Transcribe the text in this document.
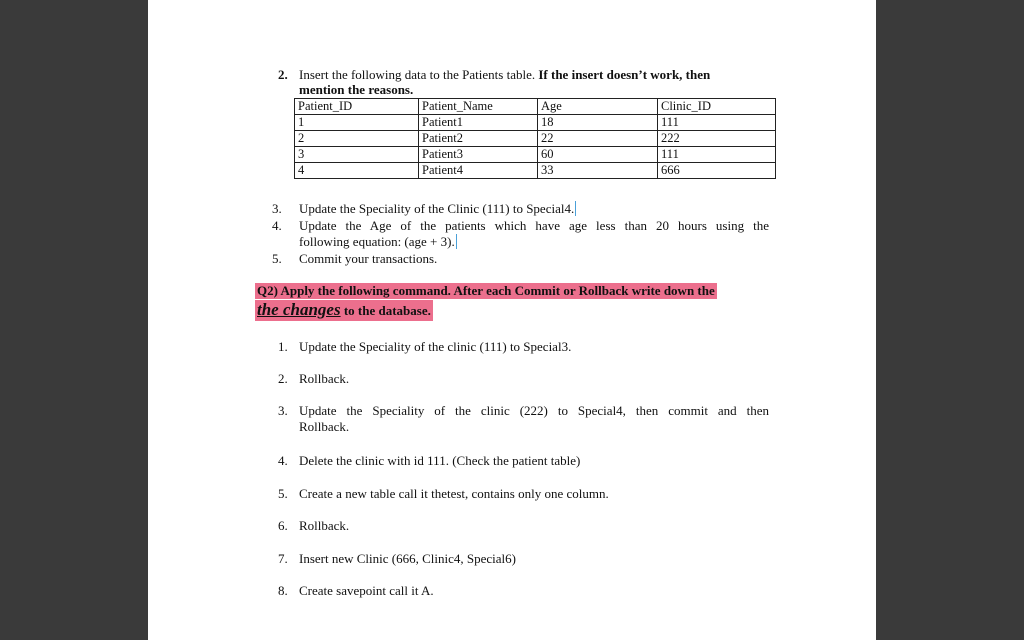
2. Insert the following data to the Patients table. If the insert doesn’t work, then
mention the reasons.
Patient_ID	Patient_Name	Age	Clinic_ID
1	Patient1	18	111
2	Patient2	22	222
3	Patient3	60	111
4	Patient4	33	666
3. Update the Speciality of the Clinic (111) to Special4.
4. Update the Age of the patients which have age less than 20 hours using the
following equation: (age + 3).
5. Commit your transactions.
Q2) Apply the following command. After each Commit or Rollback write down the
the changes to the database.
1. Update the Speciality of the clinic (111) to Special3.
2. Rollback.
3. Update the Speciality of the clinic (222) to Special4, then commit and then
Rollback.
4. Delete the clinic with id 111. (Check the patient table)
5. Create a new table call it thetest, contains only one column.
6. Rollback.
7. Insert new Clinic (666, Clinic4, Special6)
8. Create savepoint call it A.
